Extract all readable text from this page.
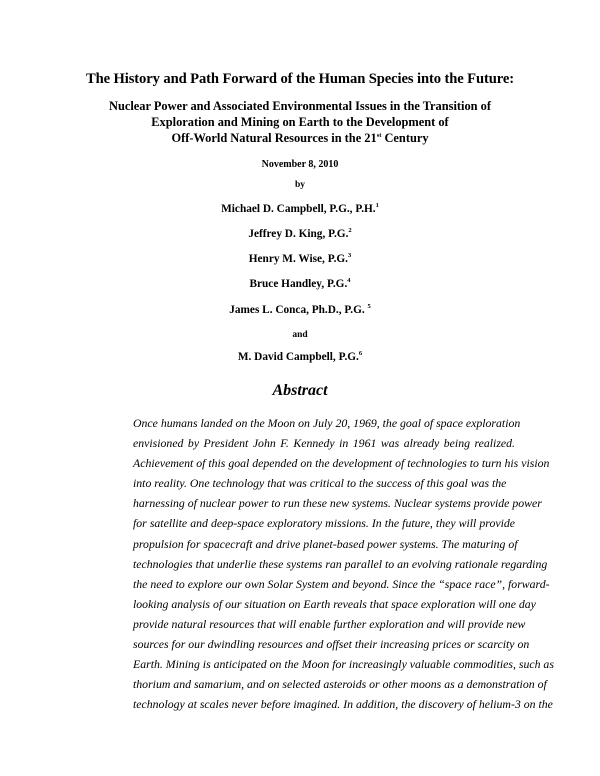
The History and Path Forward of the Human Species into the Future:
Nuclear Power and Associated Environmental Issues in the Transition of
Exploration and Mining on Earth to the Development of
Off-World Natural Resources in the 21st Century
November 8, 2010
by
Michael D. Campbell, P.G., P.H.$^1$
Jeffrey D. King, P.G.$^2$
Henry M. Wise, P.G.$^3$
Bruce Handley, P.G.$^4$
James L. Conca, Ph.D., P.G. $^5$
and
M. David Campbell, P.G.$^6$
Abstract
Once humans landed on the Moon on July 20, 1969, the goal of space exploration
envisioned by President John F. Kennedy in 1961 was already being realized.
Achievement of this goal depended on the development of technologies to turn his vision
into reality. One technology that was critical to the success of this goal was the
harnessing of nuclear power to run these new systems. Nuclear systems provide power
for satellite and deep-space exploratory missions. In the future, they will provide
propulsion for spacecraft and drive planet-based power systems. The maturing of
technologies that underlie these systems ran parallel to an evolving rationale regarding
the need to explore our own Solar System and beyond. Since the “space race”, forward-
looking analysis of our situation on Earth reveals that space exploration will one day
provide natural resources that will enable further exploration and will provide new
sources for our dwindling resources and offset their increasing prices or scarcity on
Earth. Mining is anticipated on the Moon for increasingly valuable commodities, such as
thorium and samarium, and on selected asteroids or other moons as a demonstration of
technology at scales never before imagined. In addition, the discovery of helium-3 on the
